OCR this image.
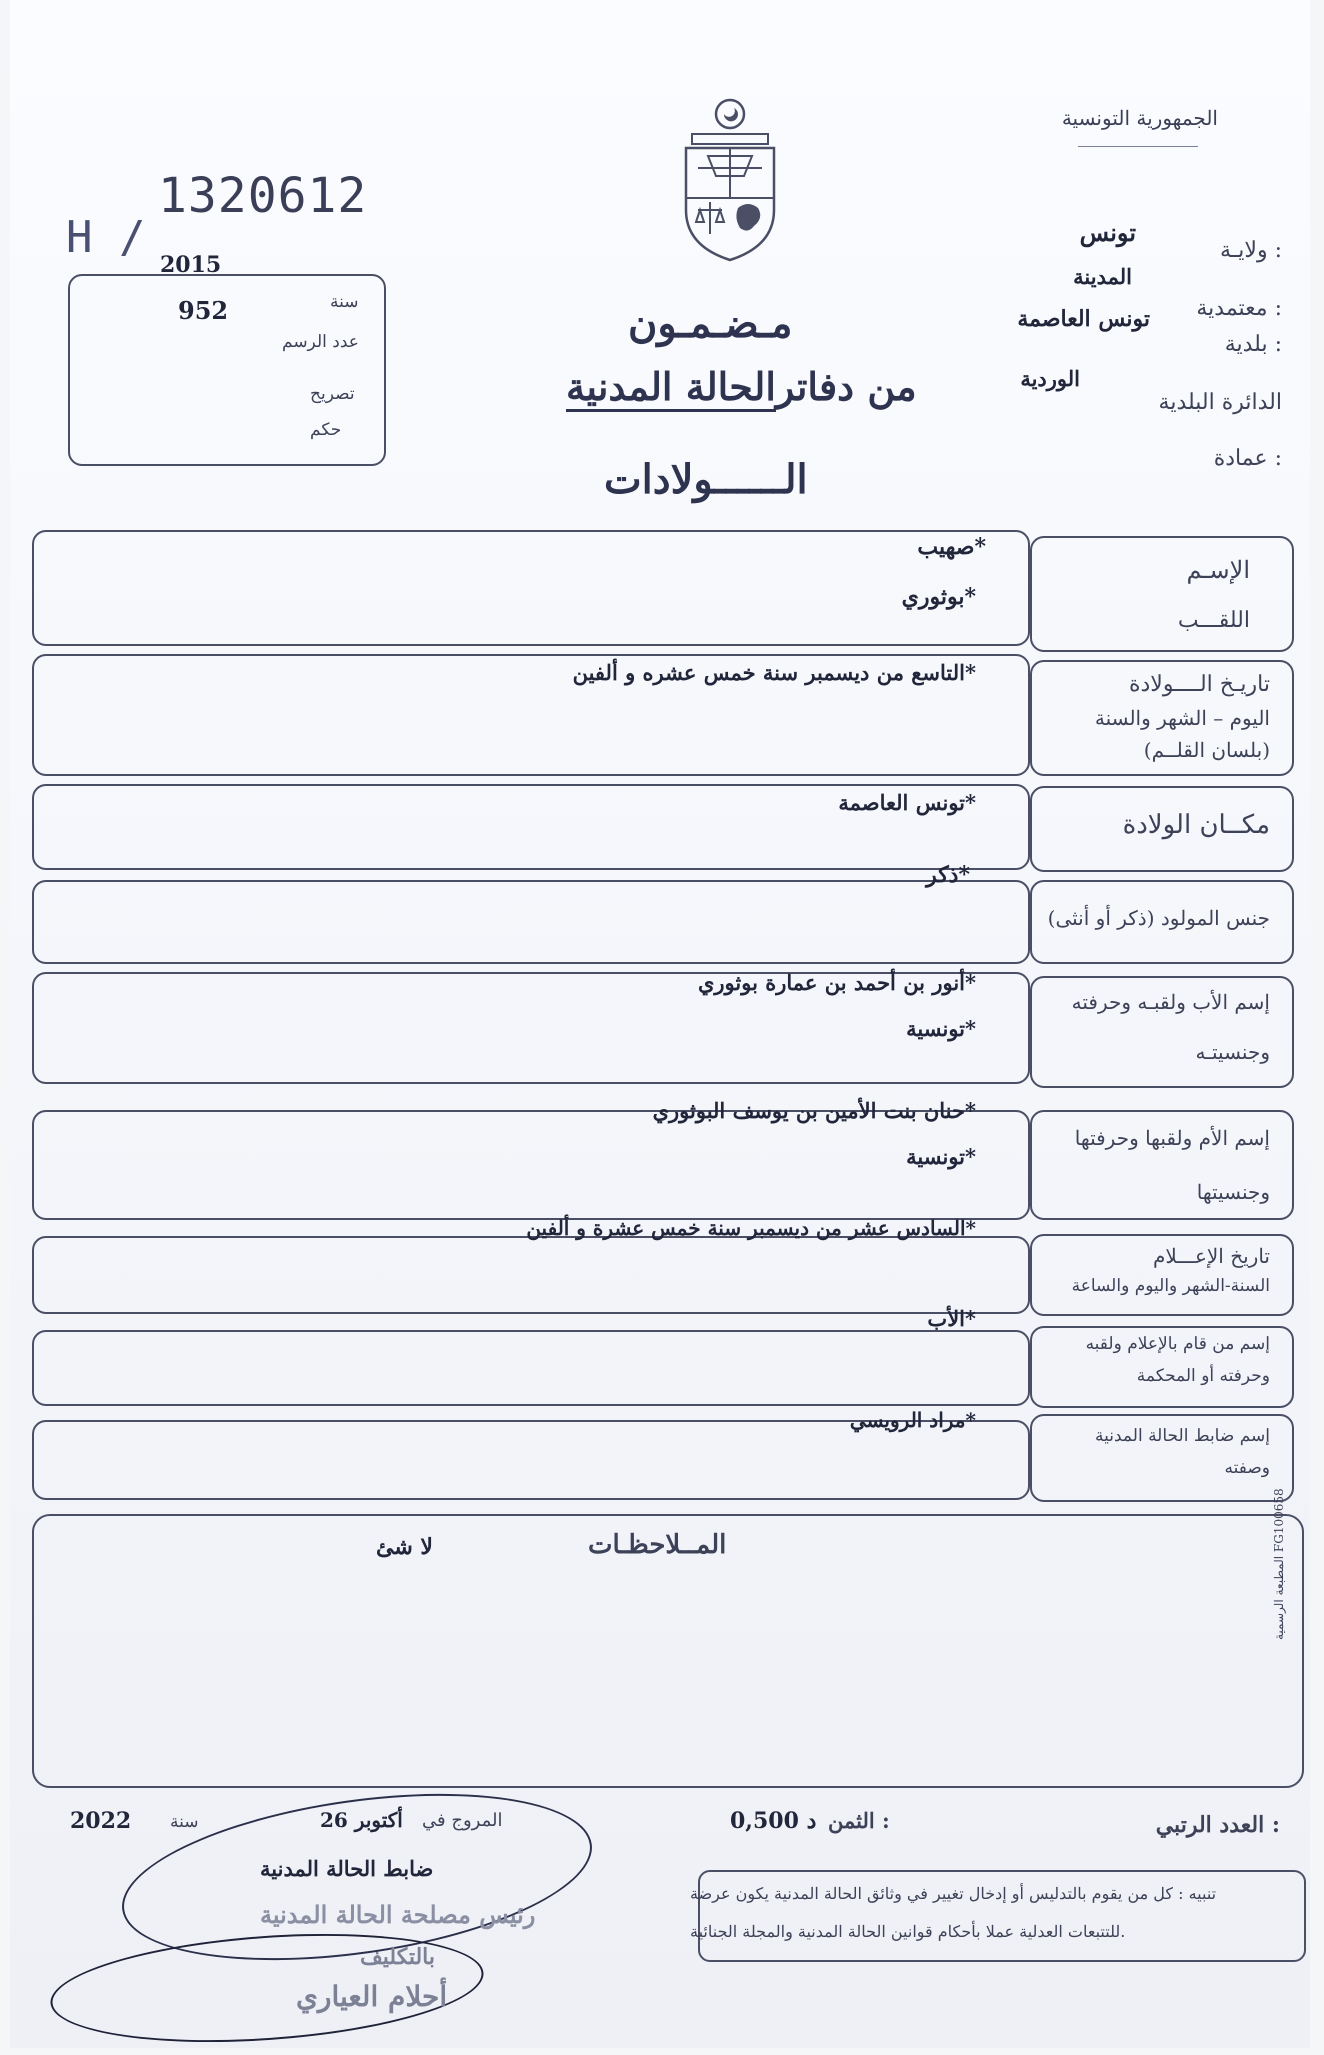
الجمهورية التونسية
1320612
H /
2015
سنة
952
عدد الرسم
تصريح
حكم
ولايـة :
تونس
معتمدية :
المدينة
بلدية :
تونس العاصمة
الدائرة البلدية
الوردية
عمادة :
مـضـمـون
من دفاترالحالة المدنية
الــــــولادات
الإسـم
اللقـــب
صهيب*
بوثوري*
تاريـخ الــــولادة
اليوم – الشهر والسنة
(بلسان القلــم)
التاسع من ديسمبر سنة خمس عشره و ألفين*
مكــان الولادة
تونس العاصمة*
جنس المولود (ذكر أو أنثى)
ذكر*
إسم الأب ولقبـه وحرفته
وجنسيتـه
أنور بن أحمد بن عمارة بوثوري*
تونسية*
إسم الأم ولقبها وحرفتها
وجنسيتها
حنان بنت الأمين بن يوسف البوثوري*
تونسية*
تاريخ الإعـــلام
السنة-الشهر واليوم والساعة
السادس عشر من ديسمبر سنة خمس عشرة و ألفين*
إسم من قام بالإعلام ولقبه
وحرفته أو المحكمة
الأب*
إسم ضابط الحالة المدنية
وصفته
مراد الرويسي*
المــلاحظـات
لا شئ
المطبعة الرسمية FG100658
العدد الرتبي :
الثمن :
0,500 د
2022 سنة	26 أكتوبر المروج في
ضابط الحالة المدنية
رئيس مصلحة الحالة المدنية
بالتكليف
أحلام العياري
تنبيه : كل من يقوم بالتدليس أو إدخال تغيير في وثائق الحالة المدنية يكون عرضة
للتتبعات العدلية عملا بأحكام قوانين الحالة المدنية والمجلة الجنائية.
